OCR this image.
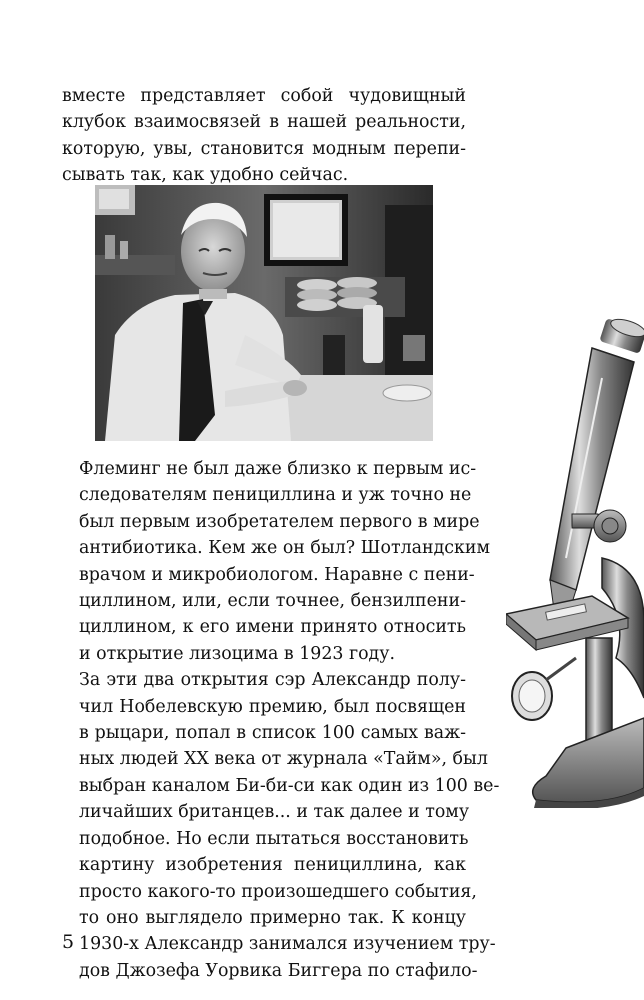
вместе представляет собой чудовищный
клубок взаимосвязей в нашей реальности,
которую, увы, становится модным перепи-
сывать так, как удобно сейчас.

Флеминг не был даже близко к первым ис-
следователям пенициллина и уж точно не
был первым изобретателем первого в мире
антибиотика. Кем же он был? Шотландским
врачом и микробиологом. Наравне с пени-
циллином, или, если точнее, бензилпени-
циллином, к его имени принято относить
и открытие лизоцима в 1923 году.

За эти два открытия сэр Александр полу-
чил Нобелевскую премию, был посвящен
в рыцари, попал в список 100 самых важ-
ных людей XX века от журнала «Тайм», был
выбран каналом Би-би-си как один из 100 ве-
личайших британцев... и так далее и тому
подобное. Но если пытаться восстановить
картину изобретения пенициллина, как
просто какого-то произошедшего события,
то оно выглядело примерно так. К концу
1930-х Александр занимался изучением тру-
дов Джозефа Уорвика Биггера по стафило-

5
